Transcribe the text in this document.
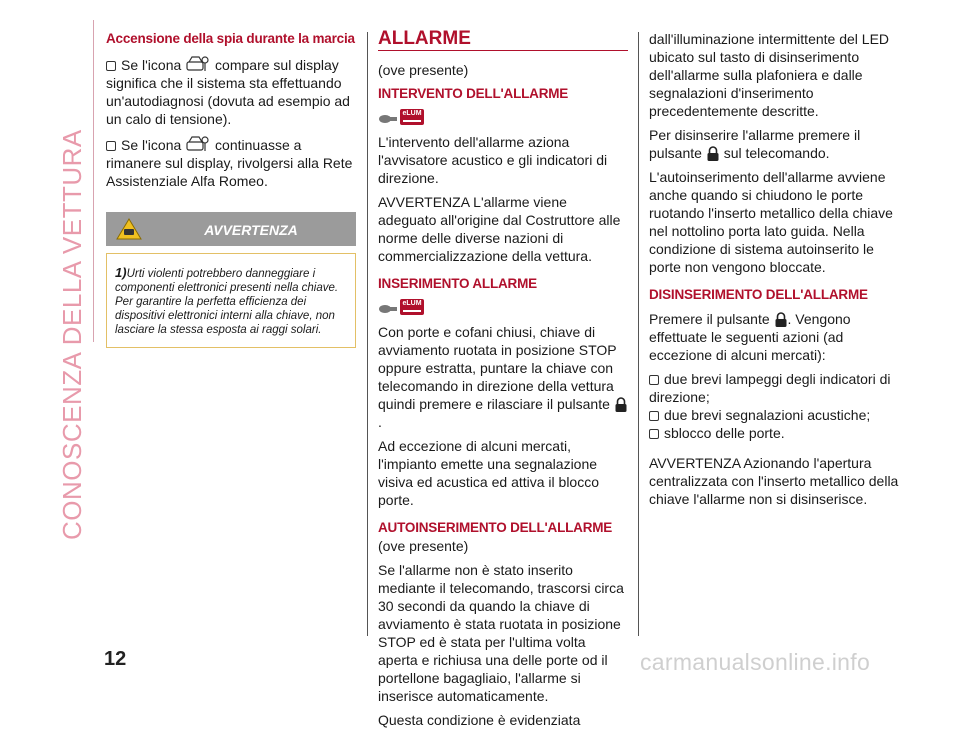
CONOSCENZA DELLA VETTURA
Accensione della spia durante la marcia

Se l'icona compare sul display significa che il sistema sta effettuando un'autodiagnosi (dovuta ad esempio ad un calo di tensione).

Se l'icona continuasse a rimanere sul display, rivolgersi alla Rete Assistenziale Alfa Romeo.

AVVERTENZA
1)Urti violenti potrebbero danneggiare i componenti elettronici presenti nella chiave. Per garantire la perfetta efficienza dei dispositivi elettronici interni alla chiave, non lasciare la stessa esposta ai raggi solari.
ALLARME

(ove presente)

INTERVENTO DELL'ALLARME
eLUM

L'intervento dell'allarme aziona l'avvisatore acustico e gli indicatori di direzione.

AVVERTENZA L'allarme viene adeguato all'origine dal Costruttore alle norme delle diverse nazioni di commercializzazione della vettura.

INSERIMENTO ALLARME
eLUM

Con porte e cofani chiusi, chiave di avviamento ruotata in posizione STOP oppure estratta, puntare la chiave con telecomando in direzione della vettura quindi premere e rilasciare il pulsante .

Ad eccezione di alcuni mercati, l'impianto emette una segnalazione visiva ed acustica ed attiva il blocco porte.

AUTOINSERIMENTO DELL'ALLARME

(ove presente)

Se l'allarme non è stato inserito mediante il telecomando, trascorsi circa 30 secondi da quando la chiave di avviamento è stata ruotata in posizione STOP ed è stata per l'ultima volta aperta e richiusa una delle porte od il portellone bagagliaio, l'allarme si inserisce automaticamente.

Questa condizione è evidenziata

dall'illuminazione intermittente del LED ubicato sul tasto di disinserimento dell'allarme sulla plafoniera e dalle segnalazioni d'inserimento precedentemente descritte.

Per disinserire l'allarme premere il pulsante sul telecomando.

L'autoinserimento dell'allarme avviene anche quando si chiudono le porte ruotando l'inserto metallico della chiave nel nottolino porta lato guida. Nella condizione di sistema autoinserito le porte non vengono bloccate.

DISINSERIMENTO DELL'ALLARME

Premere il pulsante . Vengono effettuate le seguenti azioni (ad eccezione di alcuni mercati):

due brevi lampeggi degli indicatori di direzione;

due brevi segnalazioni acustiche;

sblocco delle porte.

AVVERTENZA Azionando l'apertura centralizzata con l'inserto metallico della chiave l'allarme non si disinserisce.

12	carmanualsonline.info
